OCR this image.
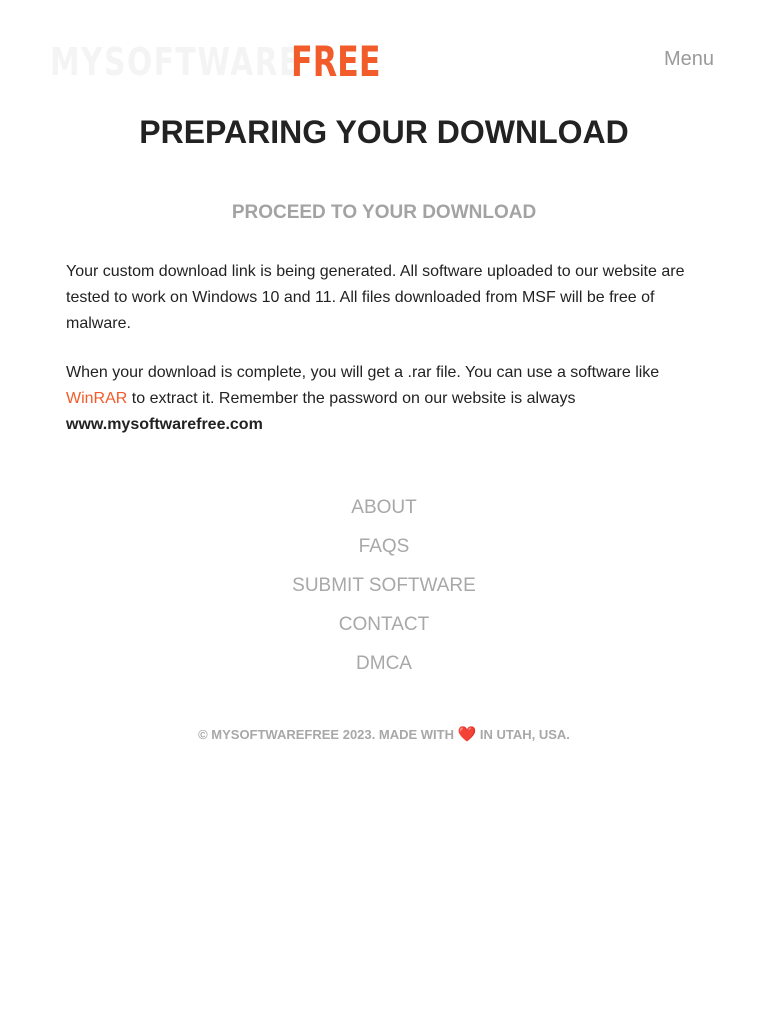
MYSOFTWARE
FREE	Menu
PREPARING YOUR DOWNLOAD
PROCEED TO YOUR DOWNLOAD

Your custom download link is being generated. All software uploaded to our website are tested to work on Windows 10 and 11. All files downloaded from MSF will be free of malware.

When your download is complete, you will get a .rar file. You can use a software like WinRAR to extract it. Remember the password on our website is always
www.mysoftwarefree.com

ABOUT
FAQS
SUBMIT SOFTWARE
CONTACT
DMCA
© MYSOFTWAREFREE 2023. MADE WITH ❤️ IN UTAH, USA.
